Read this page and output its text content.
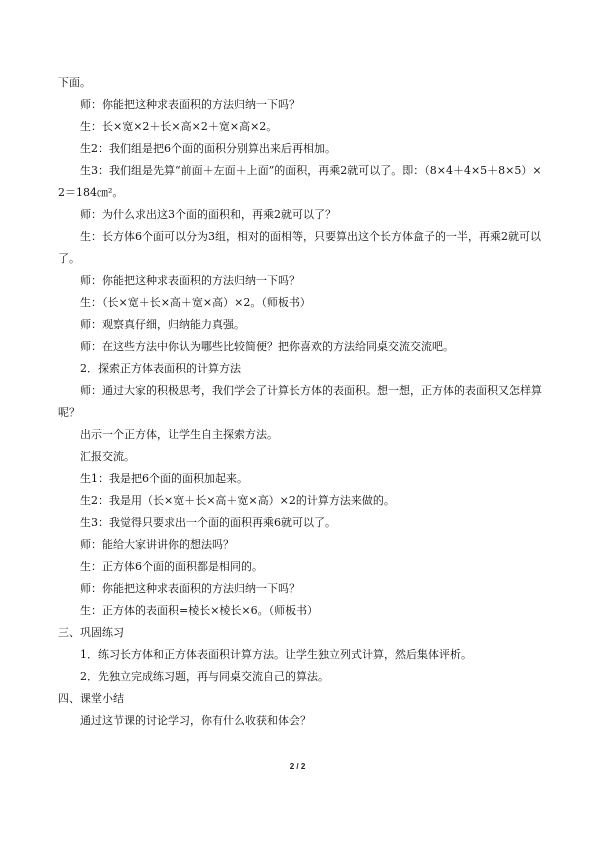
下面。

师：你能把这种求表面积的方法归纳一下吗？

生：长×宽×2＋长×高×2＋宽×高×2。

生2：我们组是把6个面的面积分别算出来后再相加。

生3：我们组是先算“前面＋左面＋上面”的面积，再乘2就可以了。即：（8×4＋4×5＋8×5）×2＝184㎝²。

师：为什么求出这3个面的面积和，再乘2就可以了？

生：长方体6个面可以分为3组，相对的面相等，只要算出这个长方体盒子的一半，再乘2就可以了。

师：你能把这种求表面积的方法归纳一下吗？

生：（长×宽＋长×高＋宽×高）×2。（师板书）

师：观察真仔细，归纳能力真强。

师：在这些方法中你认为哪些比较简便？把你喜欢的方法给同桌交流交流吧。

2．探索正方体表面积的计算方法

师：通过大家的积极思考，我们学会了计算长方体的表面积。想一想，正方体的表面积又怎样算呢？

出示一个正方体，让学生自主探索方法。

汇报交流。

生1：我是把6个面的面积加起来。

生2：我是用（长×宽＋长×高＋宽×高）×2的计算方法来做的。

生3：我觉得只要求出一个面的面积再乘6就可以了。

师：能给大家讲讲你的想法吗？

生：正方体6个面的面积都是相同的。

师：你能把这种求表面积的方法归纳一下吗？

生：正方体的表面积=棱长×棱长×6。（师板书）

三、巩固练习

1．练习长方体和正方体表面积计算方法。让学生独立列式计算，然后集体评析。

2．先独立完成练习题，再与同桌交流自己的算法。

四、课堂小结

通过这节课的讨论学习，你有什么收获和体会？

2 / 2
